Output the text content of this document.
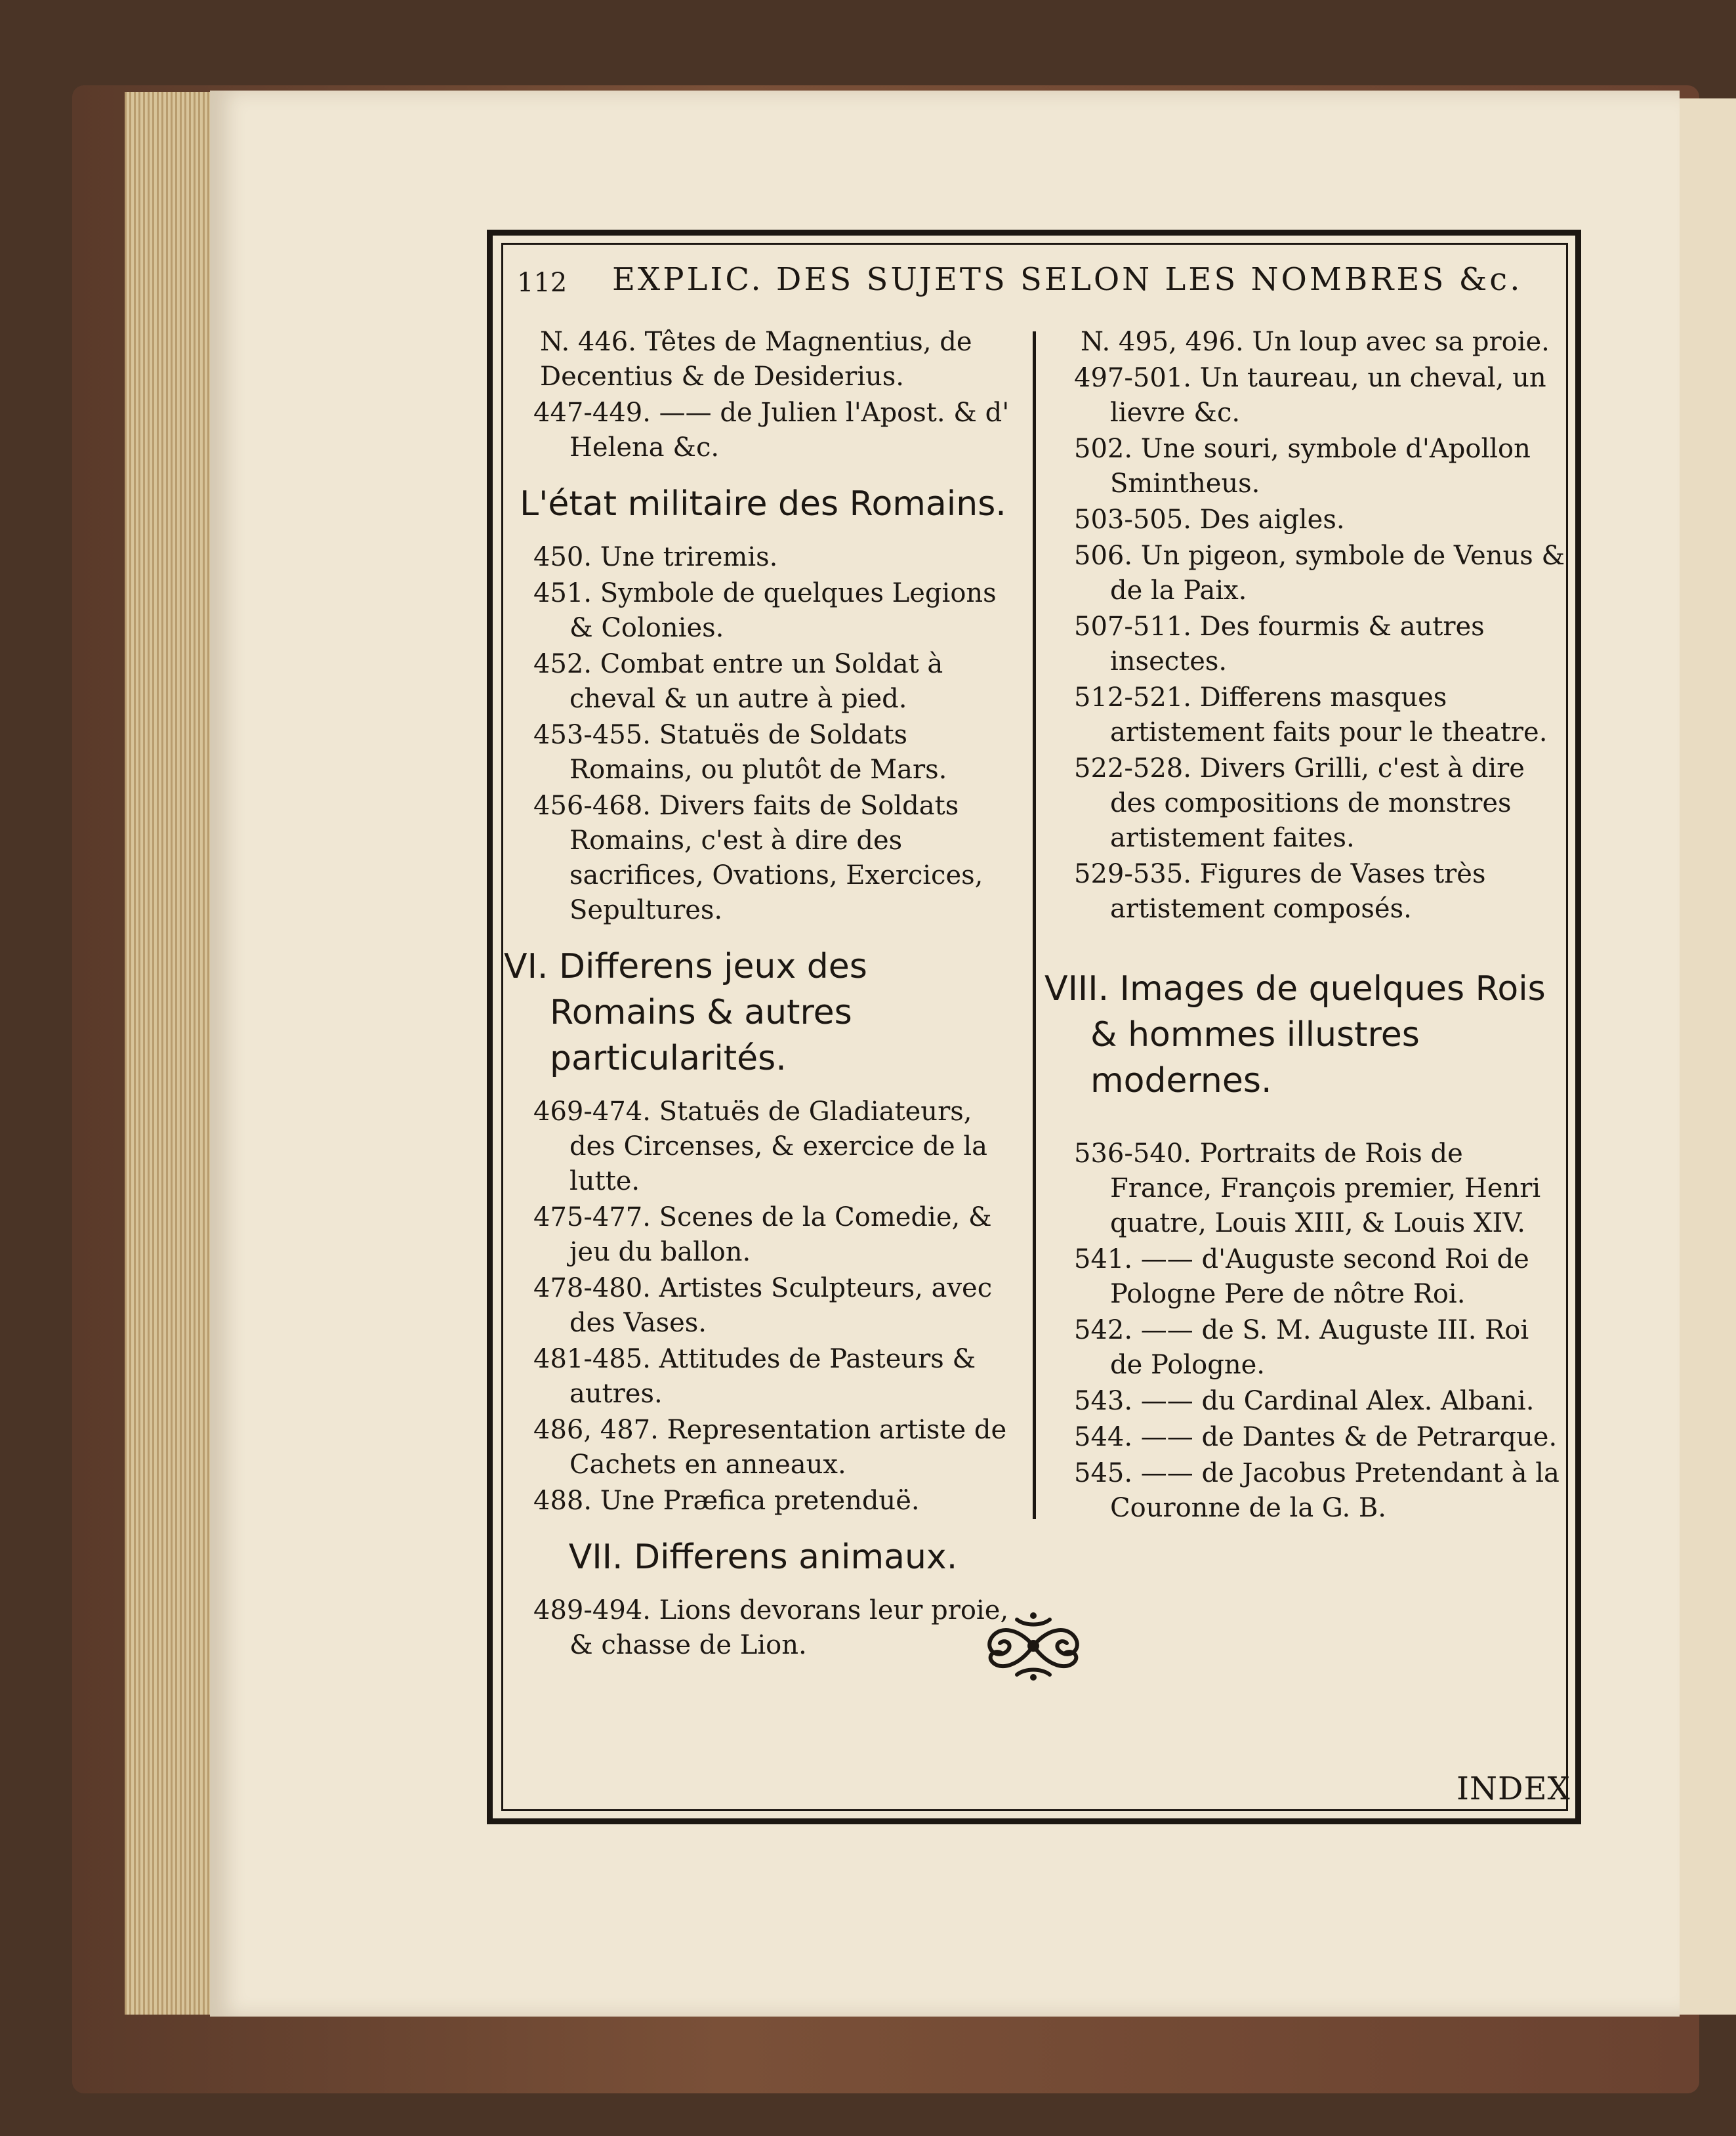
112 EXPLIC. DES SUJETS SELON LES NOMBRES &c.

N. 446. Têtes de Magnentius, de Decentius & de Desiderius.

447-449. —— de Julien l'Apost. & d' Helena &c.

L'état militaire des Romains.

450. Une triremis.

451. Symbole de quelques Legions & Colonies.

452. Combat entre un Soldat à cheval & un autre à pied.

453-455. Statuës de Soldats Romains, ou plutôt de Mars.

456-468. Divers faits de Soldats Romains, c'est à dire des sacrifices, Ovations, Exercices, Sepultures.

VI. Differens jeux des Romains & autres particularités.

469-474. Statuës de Gladiateurs, des Circenses, & exercice de la lutte.

475-477. Scenes de la Comedie, & jeu du ballon.

478-480. Artistes Sculpteurs, avec des Vases.

481-485. Attitudes de Pasteurs & autres.

486, 487. Representation artiste de Cachets en anneaux.

488. Une Præfica pretenduë.

VII. Differens animaux.

489-494. Lions devorans leur proie, & chasse de Lion.

N. 495, 496. Un loup avec sa proie.

497-501. Un taureau, un cheval, un lievre &c.

502. Une souri, symbole d'Apollon Smintheus.

503-505. Des aigles.

506. Un pigeon, symbole de Venus & de la Paix.

507-511. Des fourmis & autres insectes.

512-521. Differens masques artistement faits pour le theatre.

522-528. Divers Grilli, c'est à dire des compositions de monstres artistement faites.

529-535. Figures de Vases très artistement composés.

VIII. Images de quelques Rois & hommes illustres modernes.

536-540. Portraits de Rois de France, François premier, Henri quatre, Louis XIII, & Louis XIV.

541. —— d'Auguste second Roi de Pologne Pere de nôtre Roi.

542. —— de S. M. Auguste III. Roi de Pologne.

543. —— du Cardinal Alex. Albani.

544. —— de Dantes & de Petrarque.

545. —— de Jacobus Pretendant à la Couronne de la G. B.

INDEX
